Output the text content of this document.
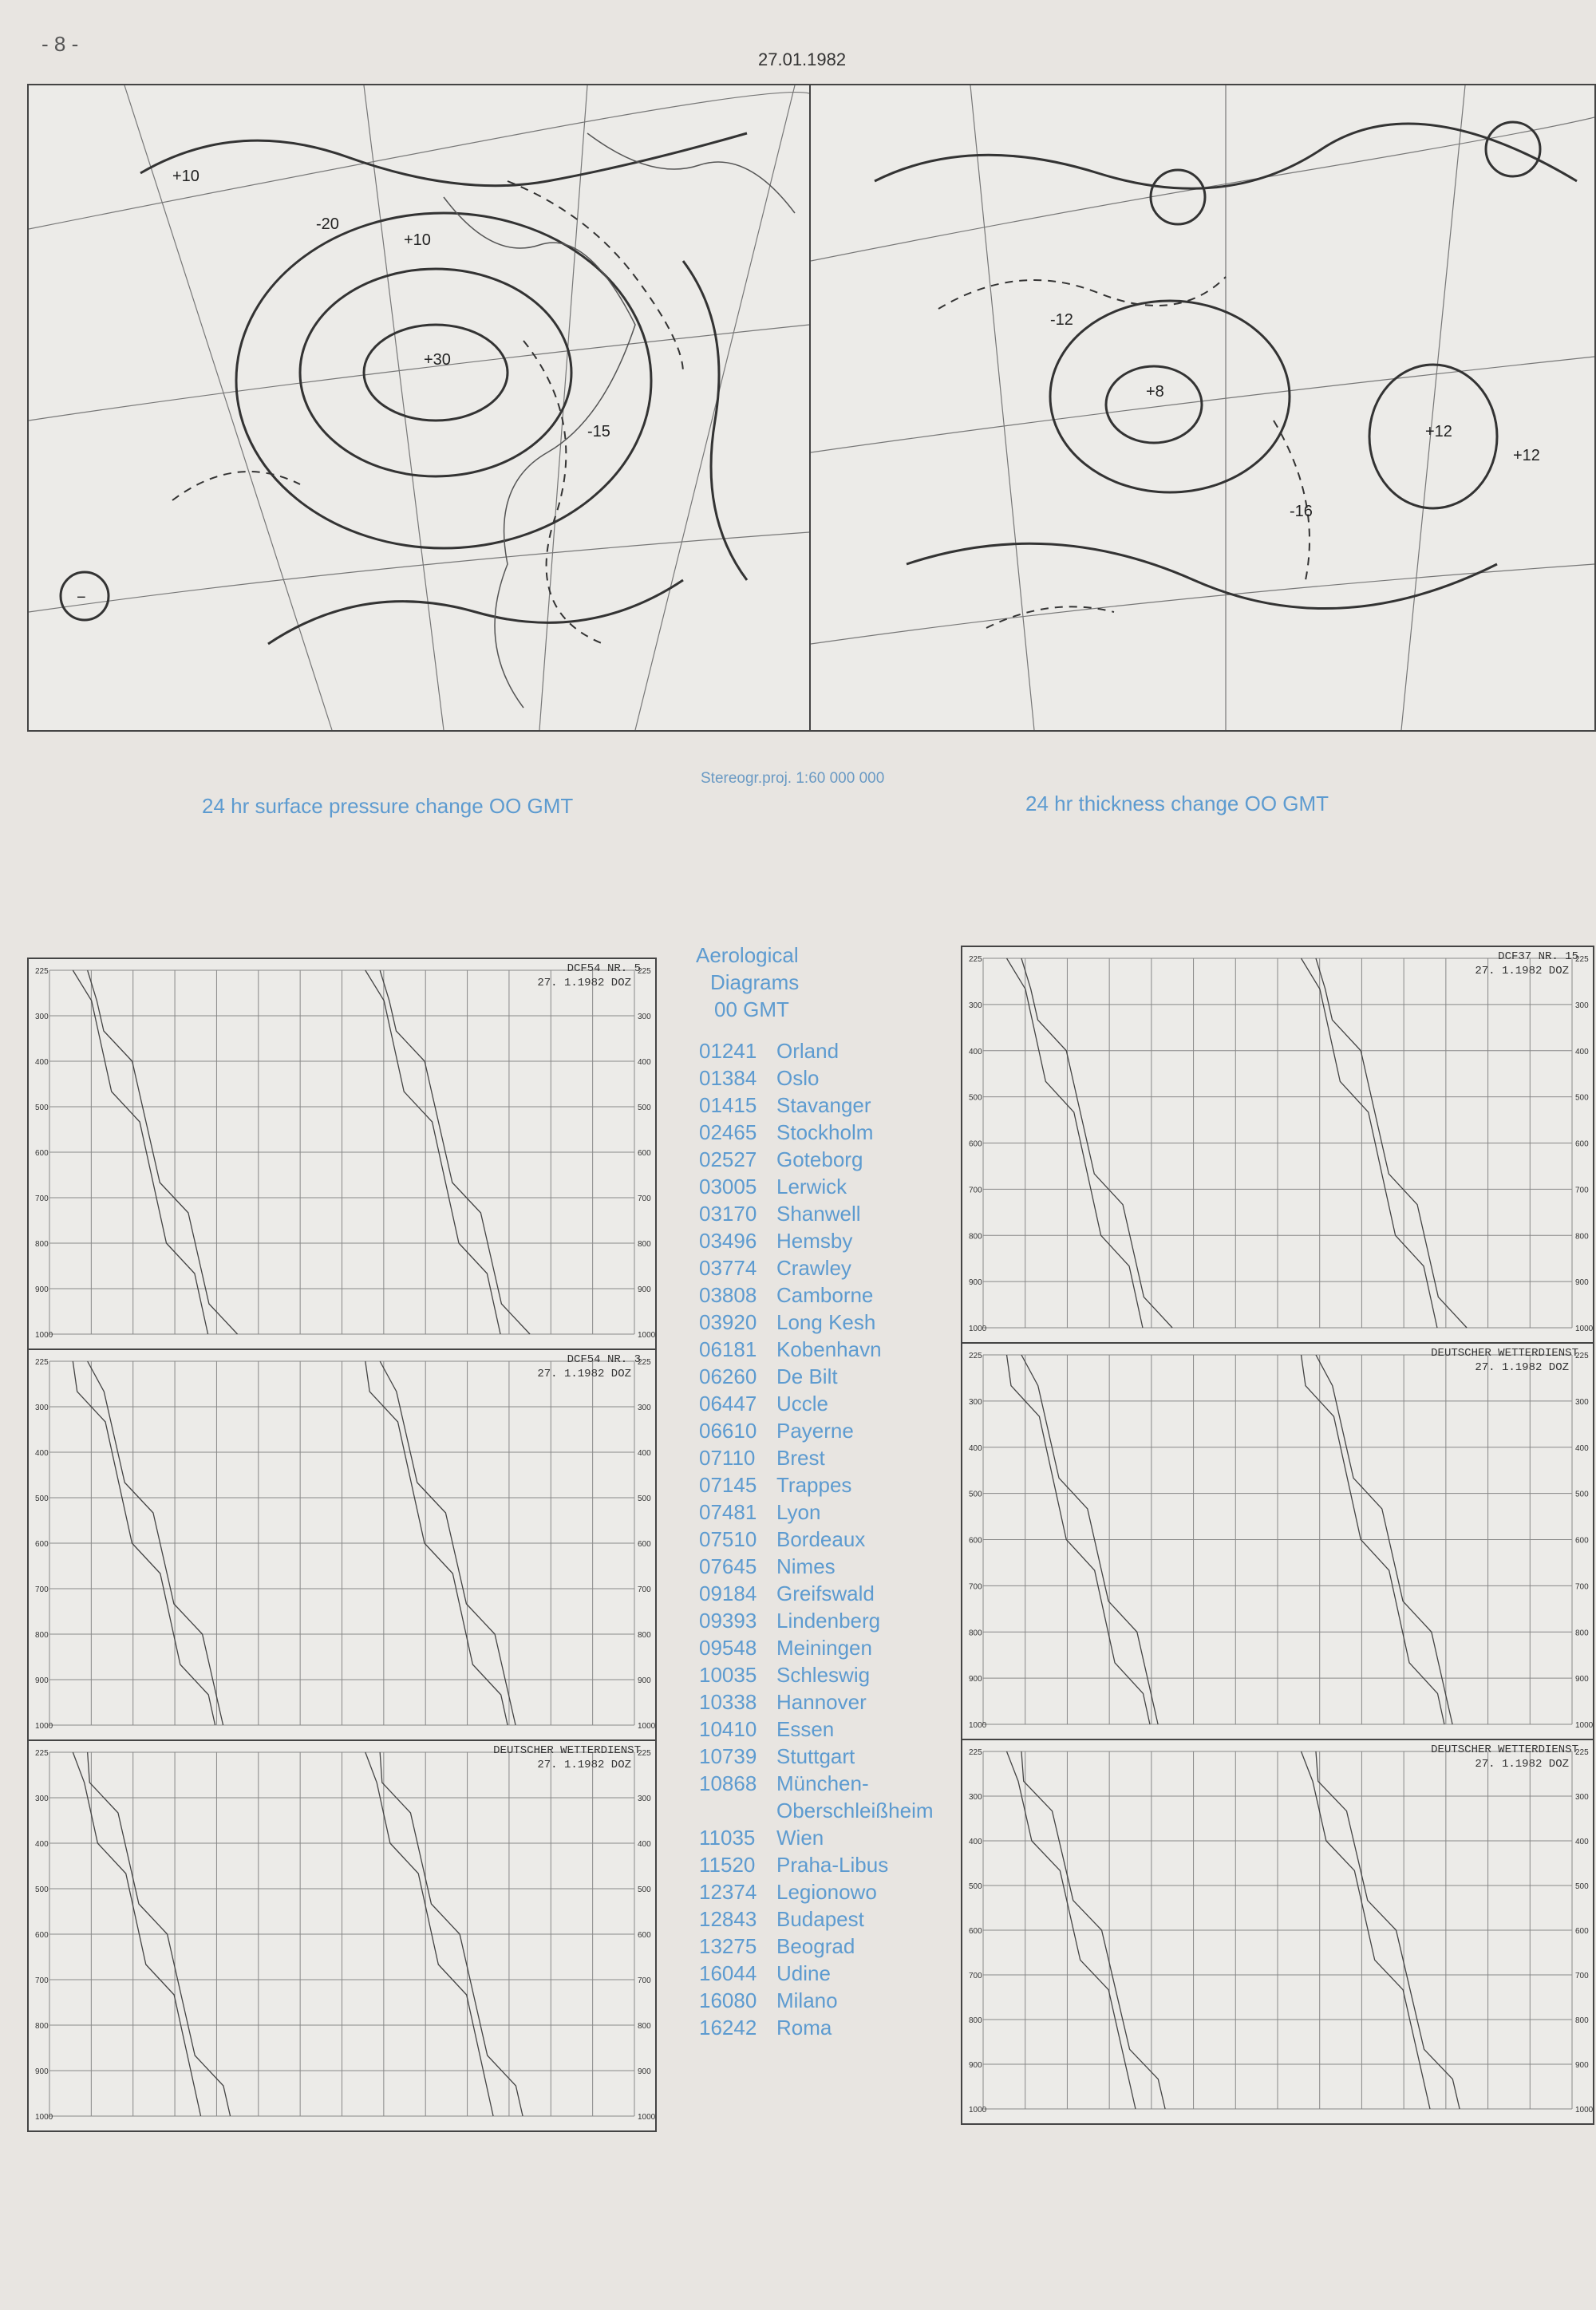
- 8 -
27.01.1982
+30
+10
-15
-20
+10
−
+8
+12
-12
-16
+12
Stereogr.proj. 1:60 000 000
24 hr surface pressure change OO GMT	24 hr thickness change OO GMT
Aerological
Diagrams
00 GMT
01241 Orland
01384 Oslo
01415 Stavanger
02465 Stockholm
02527 Goteborg
03005 Lerwick
03170 Shanwell
03496 Hemsby
03774 Crawley
03808 Camborne
03920 Long Kesh
06181 Kobenhavn
06260 De Bilt
06447 Uccle
06610 Payerne
07110	Brest
07145 Trappes
07481 Lyon
07510 Bordeaux
07645 Nimes
09184 Greifswald
09393 Lindenberg
09548 Meiningen
10035 Schleswig
10338 Hannover
10410 Essen
10739 Stuttgart
10868 München-
Oberschleißheim
11035	Wien
11520	Praha-Libus
12374 Legionowo
12843 Budapest
13275 Beograd
16044 Udine
16080 Milano
16242 Roma
225	225
300	300
400	400
500	500
600	600
700	700
800	800
900	900
1000	1000
DCF54 NR. 5
27. 1.1982 DOZ
225	225
300	300
400	400
500	500
600	600
700	700
800	800
900	900
1000	1000
DCF54 NR. 3
27. 1.1982 DOZ
225	225
300	300
400	400
500	500
600	600
700	700
800	800
900	900
1000	1000
DEUTSCHER WETTERDIENST
27. 1.1982 DOZ
225	225
300	300
400	400
500	500
600	600
700	700
800	800
900	900
1000	1000
DCF37 NR. 15
27. 1.1982 DOZ
225	225
300	300
400	400
500	500
600	600
700	700
800	800
900	900
1000	1000
DEUTSCHER WETTERDIENST
27. 1.1982 DOZ
225	225
300	300
400	400
500	500
600	600
700	700
800	800
900	900
1000	1000
DEUTSCHER WETTERDIENST
27. 1.1982 DOZ
